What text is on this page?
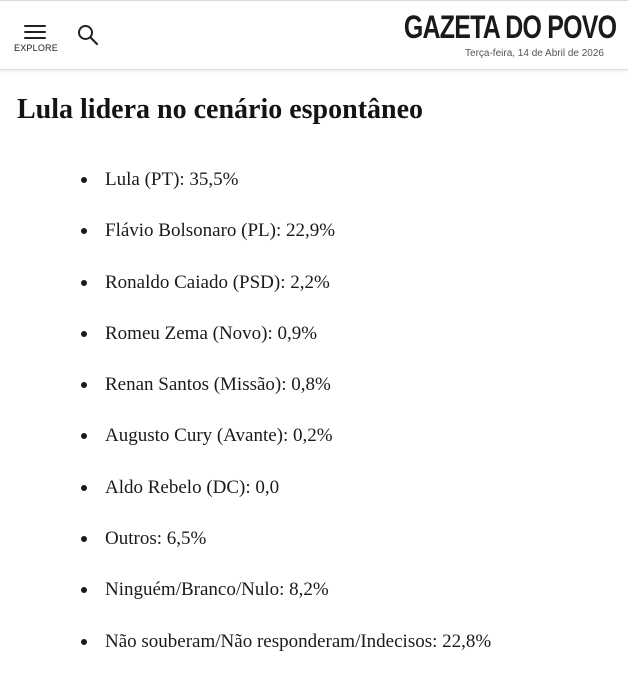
EXPLORE
GAZETA DO POVO
Terça-feira, 14 de Abril de 2026
Lula lidera no cenário espontâneo
Lula (PT): 35,5%
Flávio Bolsonaro (PL): 22,9%
Ronaldo Caiado (PSD): 2,2%
Romeu Zema (Novo): 0,9%
Renan Santos (Missão): 0,8%
Augusto Cury (Avante): 0,2%
Aldo Rebelo (DC): 0,0
Outros: 6,5%
Ninguém/Branco/Nulo: 8,2%
Não souberam/Não responderam/Indecisos: 22,8%
